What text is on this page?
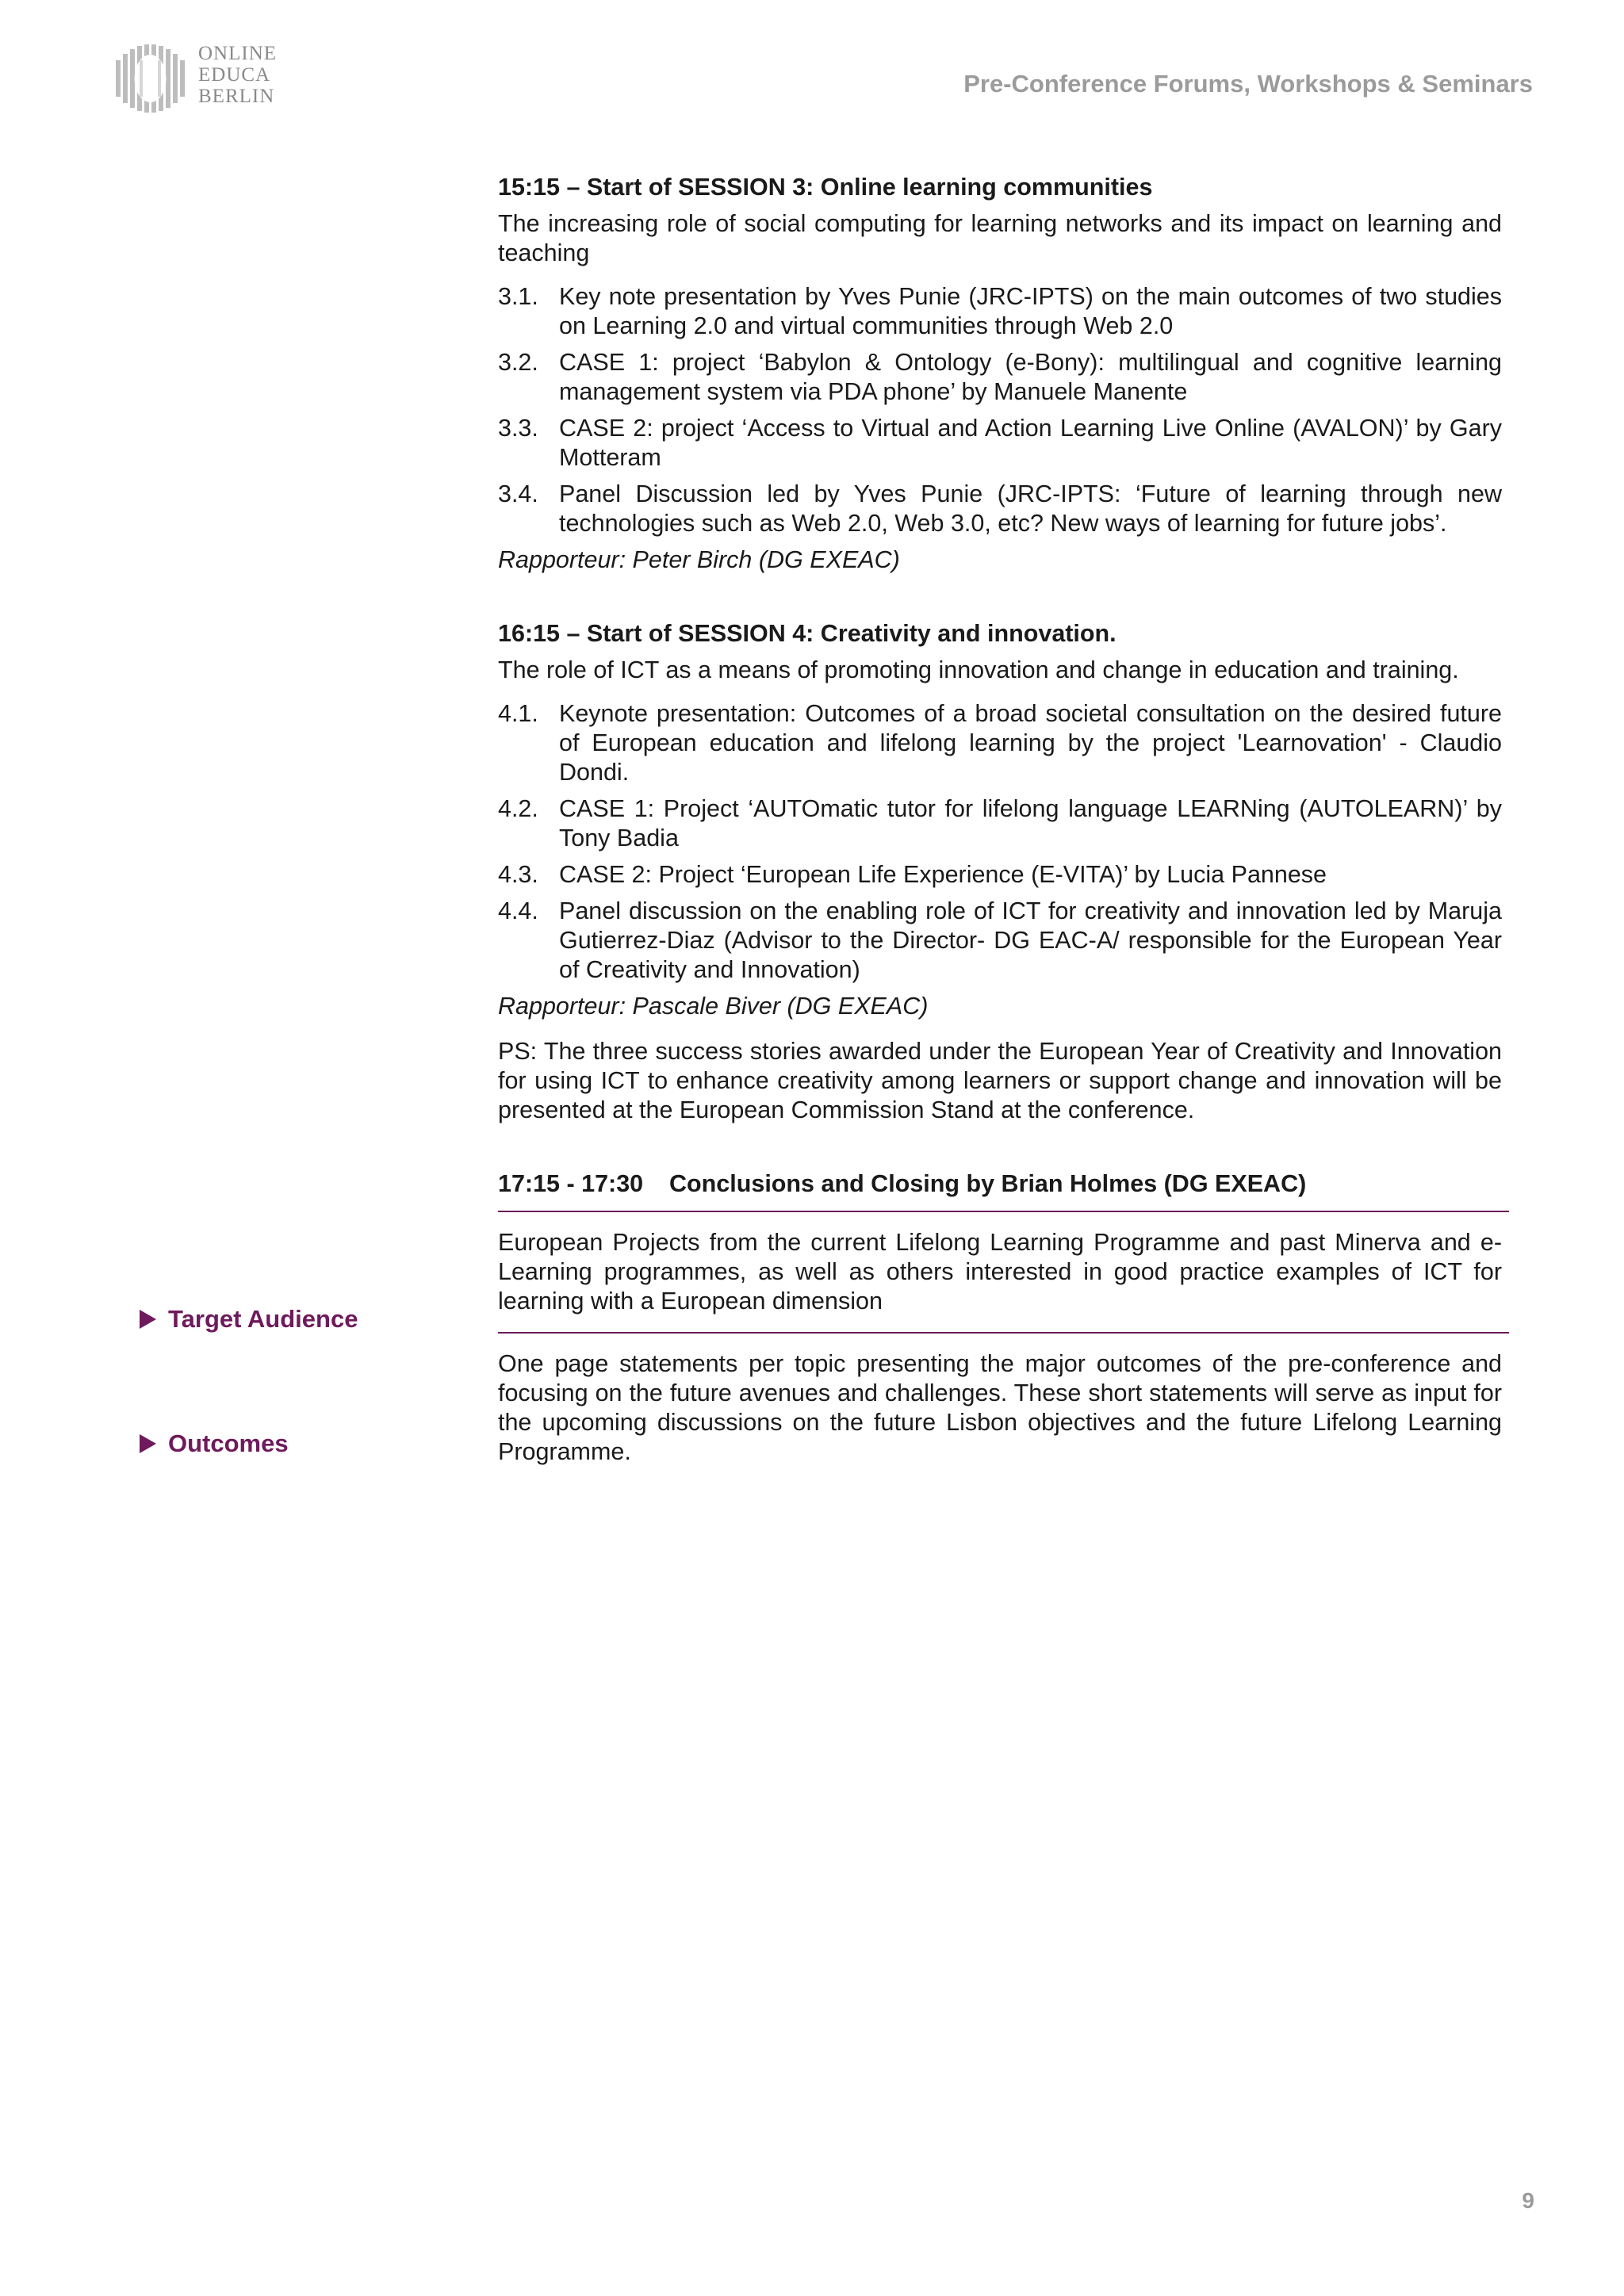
ONLINE
EDUCA
BERLIN	Pre-Conference Forums, Workshops & Seminars

15:15 – Start of SESSION 3: Online learning communities

The increasing role of social computing for learning networks and its impact on learning and teaching

3.1. Key note presentation by Yves Punie (JRC-IPTS) on the main outcomes of two studies on Learning 2.0 and virtual communities through Web 2.0
3.2. CASE 1: project ‘Babylon & Ontology (e-Bony): multilingual and cognitive learning management system via PDA phone’ by Manuele Manente
3.3. CASE 2: project ‘Access to Virtual and Action Learning Live Online (AVALON)’ by Gary Motteram
3.4. Panel Discussion led by Yves Punie (JRC-IPTS: ‘Future of learning through new technologies such as Web 2.0, Web 3.0, etc? New ways of learning for future jobs’.

Rapporteur: Peter Birch (DG EXEAC)

16:15 – Start of SESSION 4: Creativity and innovation.

The role of ICT as a means of promoting innovation and change in education and training.

4.1. Keynote presentation: Outcomes of a broad societal consultation on the desired future of European education and lifelong learning by the project 'Learnovation' - Claudio Dondi.
4.2. CASE 1: Project ‘AUTOmatic tutor for lifelong language LEARNing (AUTOLEARN)’ by Tony Badia
4.3. CASE 2: Project ‘European Life Experience (E-VITA)’ by Lucia Pannese
4.4. Panel discussion on the enabling role of ICT for creativity and innovation led by Maruja Gutierrez-Diaz (Advisor to the Director- DG EAC-A/ responsible for the European Year of Creativity and Innovation)

Rapporteur: Pascale Biver (DG EXEAC)

PS: The three success stories awarded under the European Year of Creativity and Innovation for using ICT to enhance creativity among learners or support change and innovation will be presented at the European Commission Stand at the conference.

17:15 - 17:30 Conclusions and Closing by Brian Holmes (DG EXEAC)

European Projects from the current Lifelong Learning Programme and past Minerva and e-Learning programmes, as well as others interested in good practice examples of ICT for learning with a European dimension

One page statements per topic presenting the major outcomes of the pre-conference and focusing on the future avenues and challenges. These short statements will serve as input for the upcoming discussions on the future Lisbon objectives and the future Lifelong Learning Programme.

Target Audience
Outcomes
9
